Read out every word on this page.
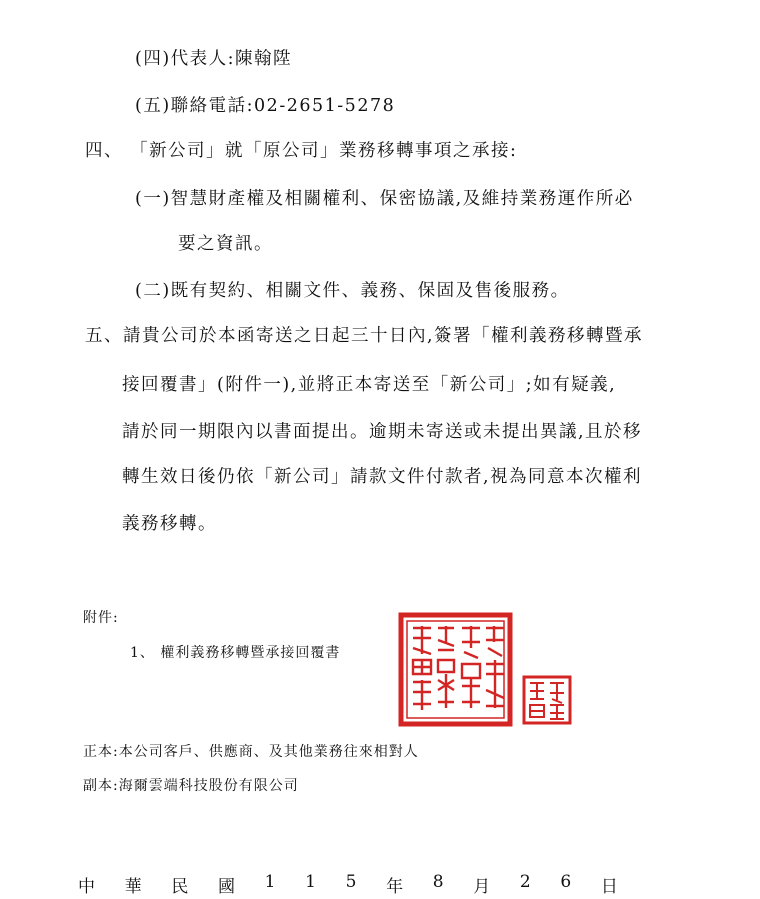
(四)代表人:陳翰陞
(五)聯絡電話:02-2651-5278
四、 「新公司」就「原公司」業務移轉事項之承接:
(一)智慧財產權及相關權利、保密協議,及維持業務運作所必
要之資訊。
(二)既有契約、相關文件、義務、保固及售後服務。
五、請貴公司於本函寄送之日起三十日內,簽署「權利義務移轉暨承
接回覆書」(附件一),並將正本寄送至「新公司」;如有疑義,
請於同一期限內以書面提出。逾期未寄送或未提出異議,且於移
轉生效日後仍依「新公司」請款文件付款者,視為同意本次權利
義務移轉。
附件:
1、 權利義務移轉暨承接回覆書
正本:本公司客戶、供應商、及其他業務往來相對人
副本:海爾雲端科技股份有限公司
中 華 民 國 1 1 5 年 8 月 2 6 日
